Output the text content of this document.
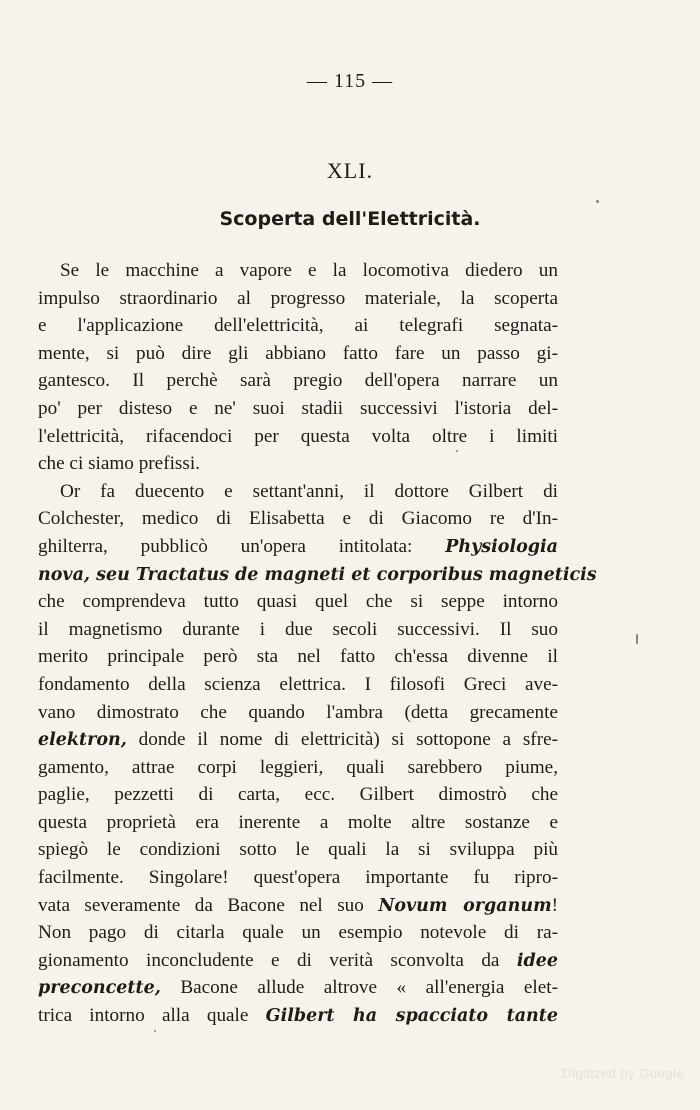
— 115 —
XLI.
Scoperta dell'Elettricità.
Se le macchine a vapore e la locomotiva diedero un
impulso straordinario al progresso materiale, la scoperta
e l'applicazione dell'elettricità, ai telegrafi segnata-
mente, si può dire gli abbiano fatto fare un passo gi-
gantesco. Il perchè sarà pregio dell'opera narrare un
po' per disteso e ne' suoi stadii successivi l'istoria del-
l'elettricità, rifacendoci per questa volta oltre i limiti
che ci siamo prefissi.
Or fa duecento e settant'anni, il dottore Gilbert di
Colchester, medico di Elisabetta e di Giacomo re d'In-
ghilterra, pubblicò un'opera intitolata: Physiologia
nova, seu Tractatus de magneti et corporibus magneticis
che comprendeva tutto quasi quel che si seppe intorno
il magnetismo durante i due secoli successivi. Il suo
merito principale però sta nel fatto ch'essa divenne il
fondamento della scienza elettrica. I filosofi Greci ave-
vano dimostrato che quando l'ambra (detta grecamente
elektron, donde il nome di elettricità) si sottopone a sfre-
gamento, attrae corpi leggieri, quali sarebbero piume,
paglie, pezzetti di carta, ecc. Gilbert dimostrò che
questa proprietà era inerente a molte altre sostanze e
spiegò le condizioni sotto le quali la si sviluppa più
facilmente. Singolare! quest'opera importante fu ripro-
vata severamente da Bacone nel suo Novum organum!
Non pago di citarla quale un esempio notevole di ra-
gionamento inconcludente e di verità sconvolta da idee
preconcette, Bacone allude altrove « all'energia elet-
trica intorno alla quale Gilbert ha spacciato tante
Digitized by Google
